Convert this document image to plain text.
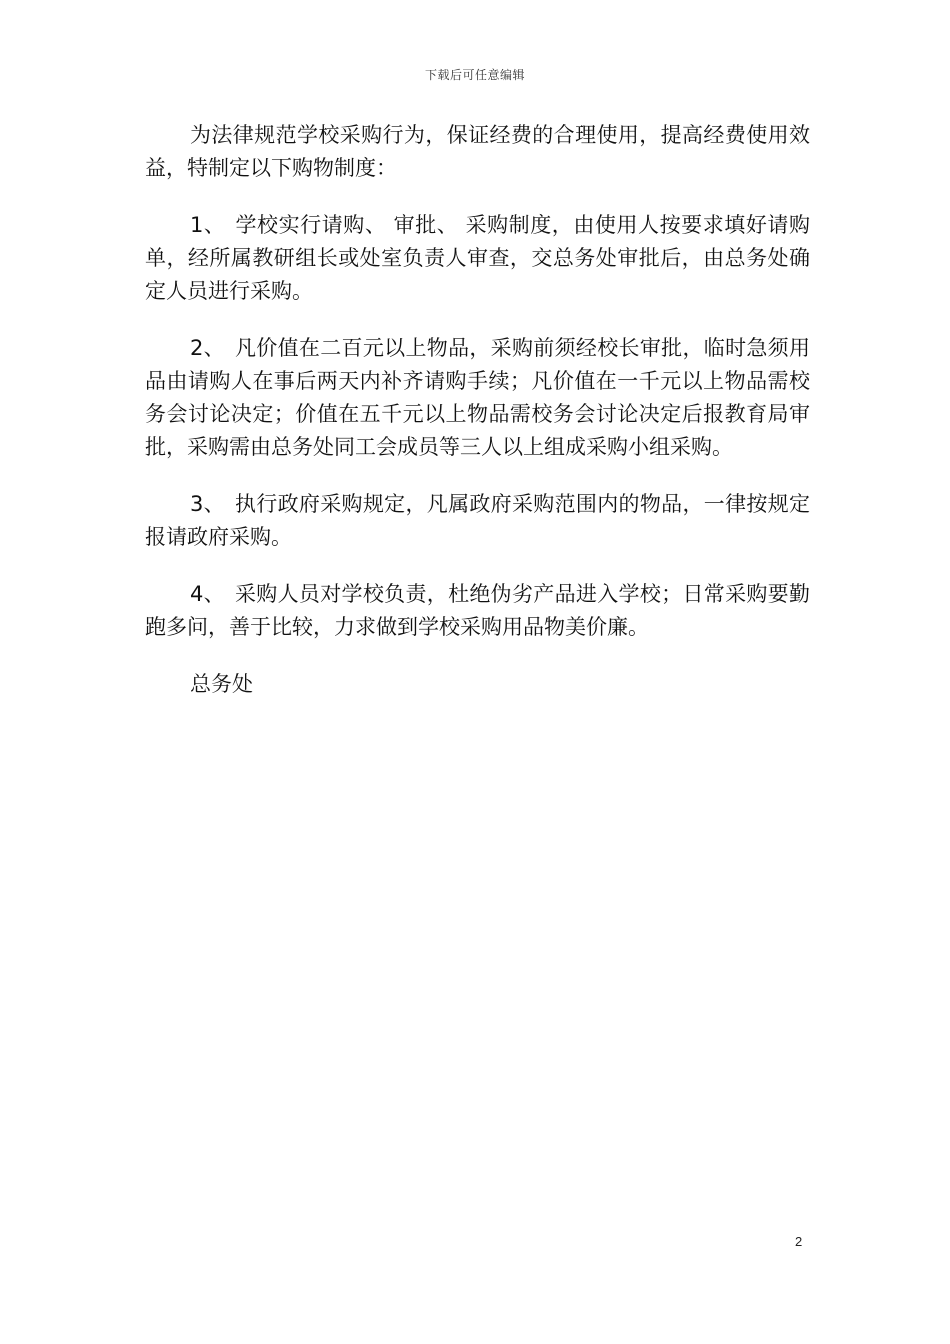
下载后可任意编辑

为法律规范学校采购行为，保证经费的合理使用，提高经费使用效益，特制定以下购物制度：

1、 学校实行请购、 审批、 采购制度，由使用人按要求填好请购单，经所属教研组长或处室负责人审查，交总务处审批后，由总务处确定人员进行采购。

2、 凡价值在二百元以上物品，采购前须经校长审批，临时急须用品由请购人在事后两天内补齐请购手续；凡价值在一千元以上物品需校务会讨论决定；价值在五千元以上物品需校务会讨论决定后报教育局审批，采购需由总务处同工会成员等三人以上组成采购小组采购。

3、 执行政府采购规定，凡属政府采购范围内的物品，一律按规定报请政府采购。

4、 采购人员对学校负责，杜绝伪劣产品进入学校；日常采购要勤跑多问，善于比较，力求做到学校采购用品物美价廉。

总务处

2
